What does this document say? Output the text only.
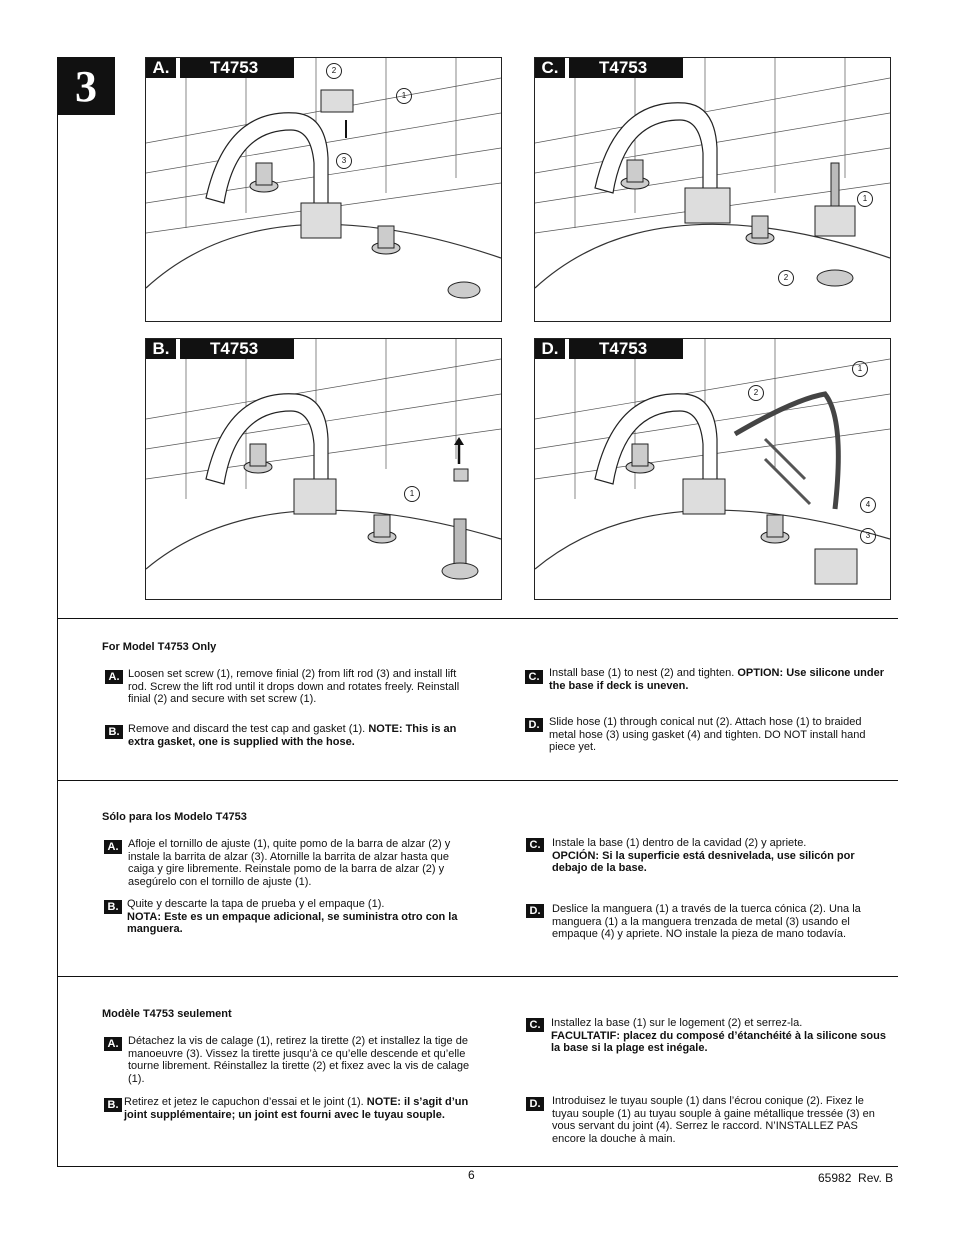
3	A.	T4753	2
1
3
C.	T4753
1
2
B.	T4753
1
D.	T4753
1
2
4
3
For Model T4753 Only
A. Loosen set screw (1), remove finial (2) from lift rod (3) and install lift rod. Screw the lift rod until it drops down and rotates freely. Reinstall finial (2) and secure with set screw (1).
B. Remove and discard the test cap and gasket (1). NOTE: This is an extra gasket, one is supplied with the hose.
C. Install base (1) to nest (2) and tighten. OPTION: Use silicone under the base if deck is uneven.
D. Slide hose (1) through conical nut (2). Attach hose (1) to braided metal hose (3) using gasket (4) and tighten. DO NOT install hand piece yet.
Sólo para los Modelo T4753
A. Afloje el tornillo de ajuste (1), quite pomo de la barra de alzar (2) y instale la barrita de alzar (3). Atornille la barrita de alzar hasta que caiga y gire libremente. Reinstale pomo de la barra de alzar (2) y asegúrelo con el tornillo de ajuste (1).
B. Quite y descarte la tapa de prueba y el empaque (1).
NOTA: Este es un empaque adicional, se suministra otro con la manguera.
C.	Instale la base (1) dentro de la cavidad (2) y apriete.
OPCIÓN: Si la superficie está desnivelada, use silicón por debajo de la base.
D.	Deslice la manguera (1) a través de la tuerca cónica (2). Una la manguera (1) a la manguera trenzada de metal (3) usando el empaque (4) y apriete. NO instale la pieza de mano todavía.
Modèle T4753 seulement
A. Détachez la vis de calage (1), retirez la tirette (2) et installez la tige de manoeuvre (3). Vissez la tirette jusqu’à ce qu’elle descende et qu’elle tourne librement. Réinstallez la tirette (2) et fixez avec la vis de calage (1).
B. Retirez et jetez le capuchon d’essai et le joint (1). NOTE: il s’agit d’un joint supplémentaire; un joint est fourni avec le tuyau souple.
C. Installez la base (1) sur le logement (2) et serrez-la.
FACULTATIF: placez du composé d’étanchéité à la silicone sous la base si la plage est inégale.
D.	Introduisez le tuyau souple (1) dans l’écrou conique (2). Fixez le tuyau souple (1) au tuyau souple à gaine métallique tressée (3) en vous servant du joint (4). Serrez le raccord. N’INSTALLEZ PAS encore la douche à main.
6	65982  Rev. B
